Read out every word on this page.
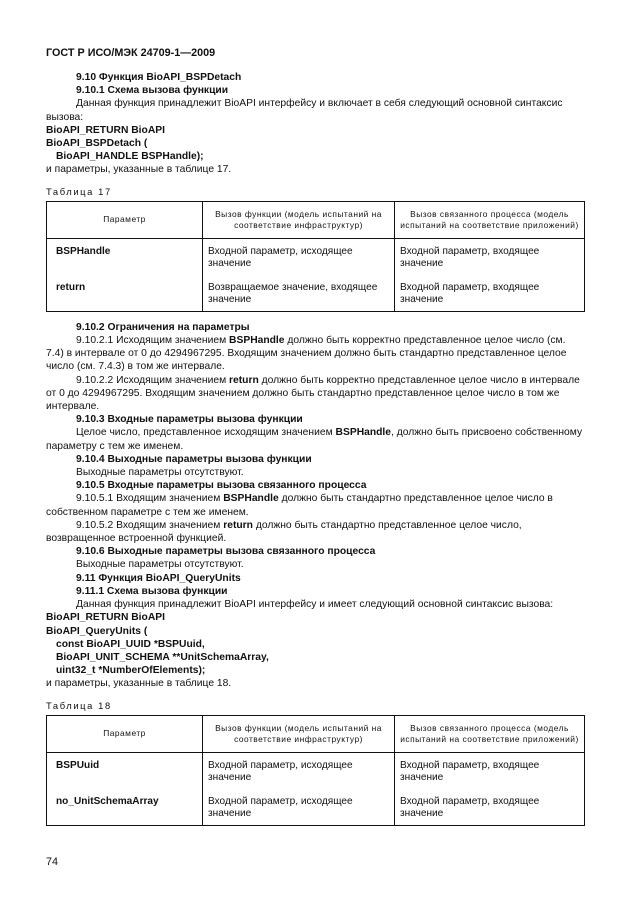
ГОСТ Р ИСО/МЭК 24709-1—2009

9.10 Функция BioAPI_BSPDetach

9.10.1 Схема вызова функции

Данная функция принадлежит BioAPI интерфейсу и включает в себя следующий основной синтаксис вызова:

BioAPI_RETURN BioAPI

BioAPI_BSPDetach (

BioAPI_HANDLE BSPHandle);

и параметры, указанные в таблице 17.

Таблица 17
Параметр	Вызов функции (модель испытаний на соответствие инфраструктур)	Вызов связанного процесса (модель испытаний на соответствие приложений)

BSPHandle	Входной параметр, исходящее значение	Входной параметр, входящее значение

return	Возвращаемое значение, входящее значение	Входной параметр, входящее значение

9.10.2 Ограничения на параметры

9.10.2.1 Исходящим значением BSPHandle должно быть корректно представленное целое число (см. 7.4) в интервале от 0 до 4294967295. Входящим значением должно быть стандартно представленное целое число (см. 7.4.3) в том же интервале.

9.10.2.2 Исходящим значением return должно быть корректно представленное целое число в интервале от 0 до 4294967295. Входящим значением должно быть стандартно представленное целое число в том же интервале.

9.10.3 Входные параметры вызова функции

Целое число, представленное исходящим значением BSPHandle, должно быть присвоено собственному параметру с тем же именем.

9.10.4 Выходные параметры вызова функции

Выходные параметры отсутствуют.

9.10.5 Входные параметры вызова связанного процесса

9.10.5.1 Входящим значением BSPHandle должно быть стандартно представленное целое число в собственном параметре с тем же именем.

9.10.5.2 Входящим значением return должно быть стандартно представленное целое число, возвращенное встроенной функцией.

9.10.6 Выходные параметры вызова связанного процесса

Выходные параметры отсутствуют.

9.11 Функция BioAPI_QueryUnits

9.11.1 Схема вызова функции

Данная функция принадлежит BioAPI интерфейсу и имеет следующий основной синтаксис вызова:

BioAPI_RETURN BioAPI

BioAPI_QueryUnits (

const BioAPI_UUID *BSPUuid,

BioAPI_UNIT_SCHEMA **UnitSchemaArray,

uint32_t *NumberOfElements);

и параметры, указанные в таблице 18.

Таблица 18
Параметр	Вызов функции (модель испытаний на соответствие инфраструктур)	Вызов связанного процесса (модель испытаний на соответствие приложений)

BSPUuid	Входной параметр, исходящее значение	Входной параметр, входящее значение

no_UnitSchemaArray	Входной параметр, исходящее значение	Входной параметр, входящее значение
74
